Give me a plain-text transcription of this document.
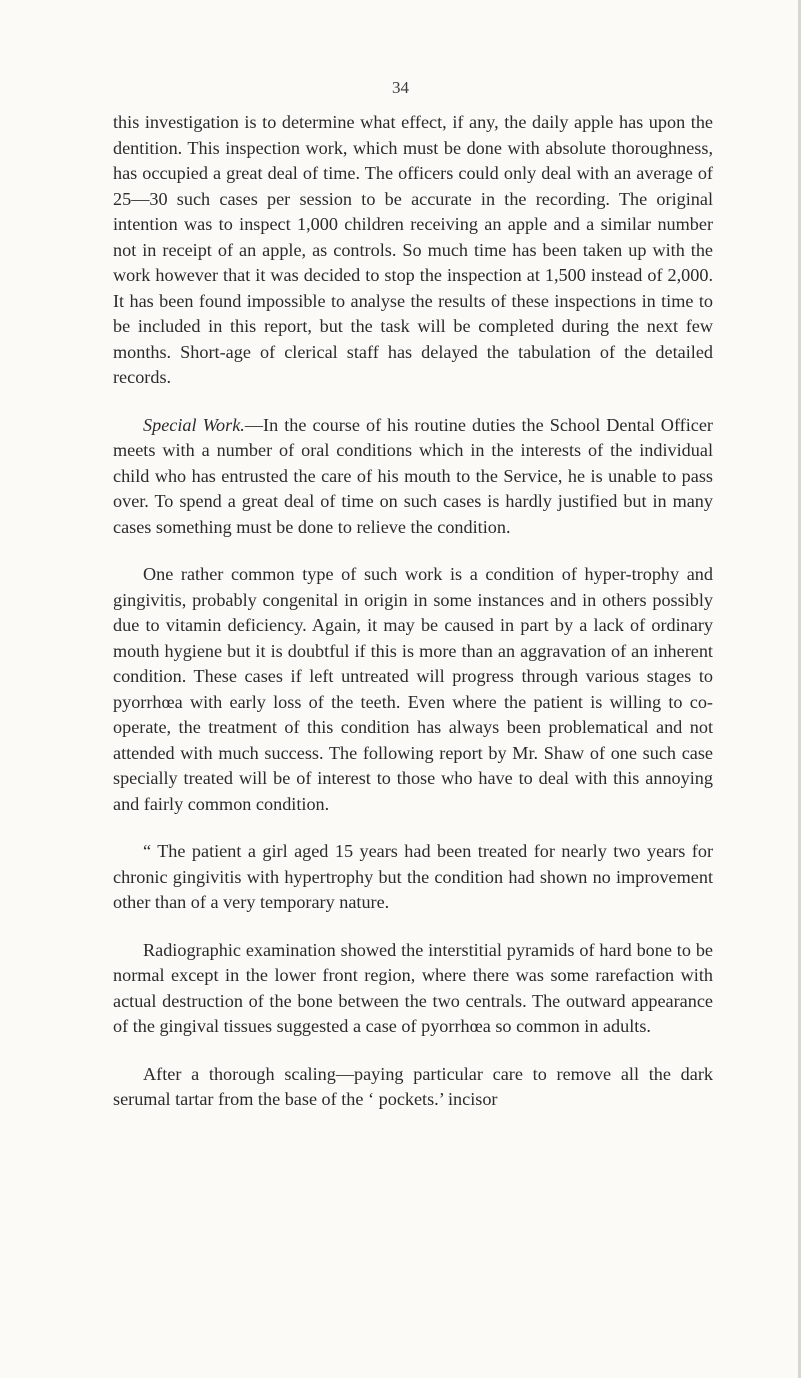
34

this investigation is to determine what effect, if any, the daily apple has upon the dentition. This inspection work, which must be done with absolute thoroughness, has occupied a great deal of time. The officers could only deal with an average of 25—30 such cases per session to be accurate in the recording. The original intention was to inspect 1,000 children receiving an apple and a similar number not in receipt of an apple, as controls. So much time has been taken up with the work however that it was decided to stop the inspection at 1,500 instead of 2,000. It has been found impossible to analyse the results of these inspections in time to be included in this report, but the task will be completed during the next few months. Short-age of clerical staff has delayed the tabulation of the detailed records.

Special Work.—In the course of his routine duties the School Dental Officer meets with a number of oral conditions which in the interests of the individual child who has entrusted the care of his mouth to the Service, he is unable to pass over. To spend a great deal of time on such cases is hardly justified but in many cases something must be done to relieve the condition.

One rather common type of such work is a condition of hyper-trophy and gingivitis, probably congenital in origin in some instances and in others possibly due to vitamin deficiency. Again, it may be caused in part by a lack of ordinary mouth hygiene but it is doubtful if this is more than an aggravation of an inherent condition. These cases if left untreated will progress through various stages to pyorrhœa with early loss of the teeth. Even where the patient is willing to co-operate, the treatment of this condition has always been problematical and not attended with much success. The following report by Mr. Shaw of one such case specially treated will be of interest to those who have to deal with this annoying and fairly common condition.

“ The patient a girl aged 15 years had been treated for nearly two years for chronic gingivitis with hypertrophy but the condition had shown no improvement other than of a very temporary nature.

Radiographic examination showed the interstitial pyramids of hard bone to be normal except in the lower front region, where there was some rarefaction with actual destruction of the bone between the two centrals. The outward appearance of the gingival tissues suggested a case of pyorrhœa so common in adults.

After a thorough scaling—paying particular care to remove all the dark serumal tartar from the base of the ‘ pockets.’ incisor
